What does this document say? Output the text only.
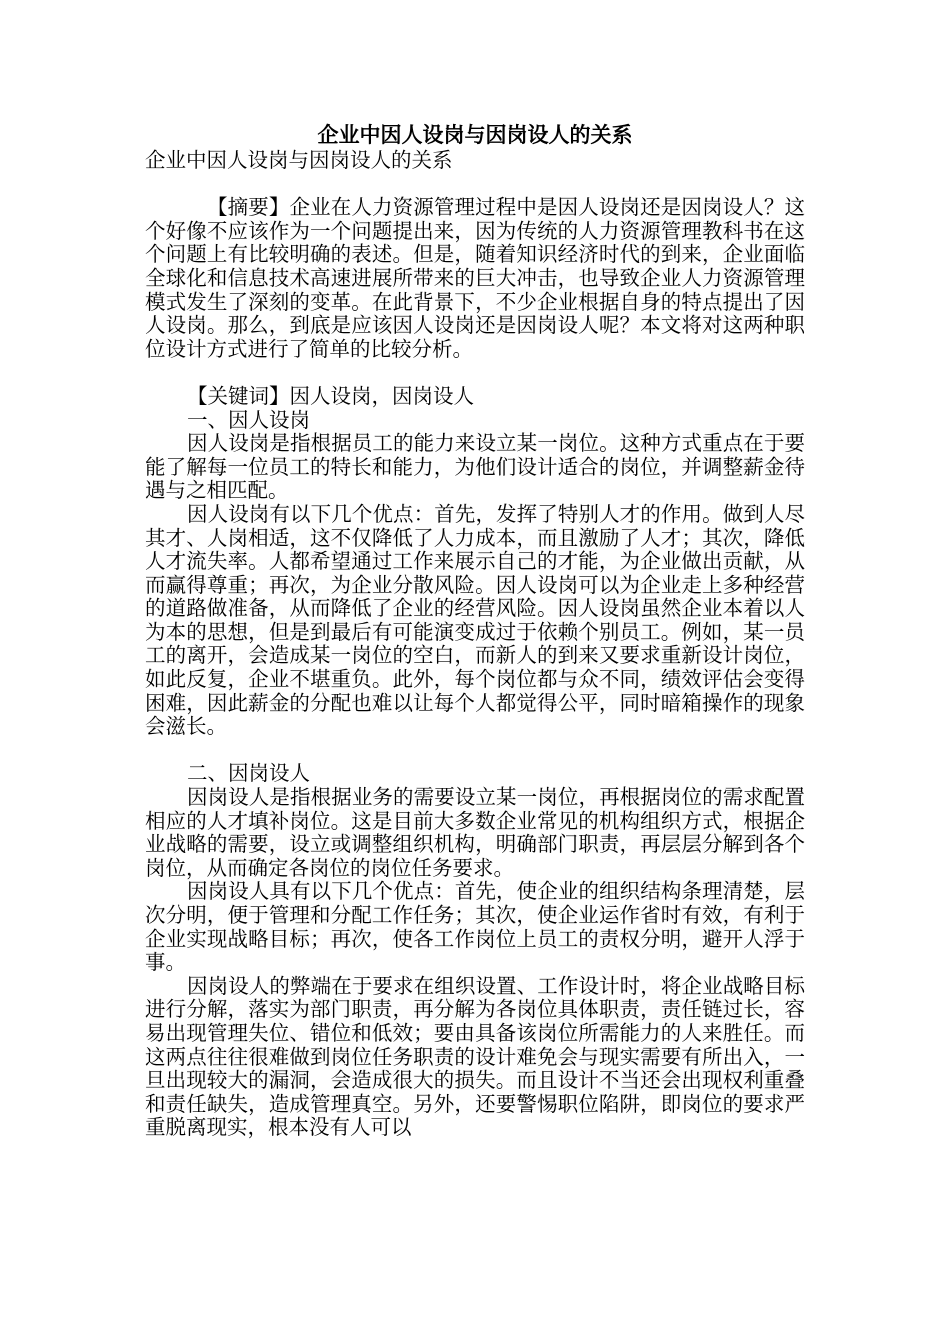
企业中因人设岗与因岗设人的关系

企业中因人设岗与因岗设人的关系

【摘要】企业在人力资源管理过程中是因人设岗还是因岗设人？这个好像不应该作为一个问题提出来，因为传统的人力资源管理教科书在这个问题上有比较明确的表述。但是，随着知识经济时代的到来，企业面临全球化和信息技术高速进展所带来的巨大冲击，也导致企业人力资源管理模式发生了深刻的变革。在此背景下，不少企业根据自身的特点提出了因人设岗。那么，到底是应该因人设岗还是因岗设人呢？本文将对这两种职位设计方式进行了简单的比较分析。

【关键词】因人设岗，因岗设人

一、因人设岗

因人设岗是指根据员工的能力来设立某一岗位。这种方式重点在于要能了解每一位员工的特长和能力，为他们设计适合的岗位，并调整薪金待遇与之相匹配。

因人设岗有以下几个优点：首先，发挥了特别人才的作用。做到人尽其才、人岗相适，这不仅降低了人力成本，而且激励了人才；其次，降低人才流失率。人都希望通过工作来展示自己的才能，为企业做出贡献，从而赢得尊重；再次，为企业分散风险。因人设岗可以为企业走上多种经营的道路做准备，从而降低了企业的经营风险。因人设岗虽然企业本着以人为本的思想，但是到最后有可能演变成过于依赖个别员工。例如，某一员工的离开，会造成某一岗位的空白，而新人的到来又要求重新设计岗位，如此反复，企业不堪重负。此外，每个岗位都与众不同，绩效评估会变得困难，因此薪金的分配也难以让每个人都觉得公平，同时暗箱操作的现象会滋长。

二、因岗设人

因岗设人是指根据业务的需要设立某一岗位，再根据岗位的需求配置相应的人才填补岗位。这是目前大多数企业常见的机构组织方式，根据企业战略的需要，设立或调整组织机构，明确部门职责，再层层分解到各个岗位，从而确定各岗位的岗位任务要求。

因岗设人具有以下几个优点：首先，使企业的组织结构条理清楚，层次分明，便于管理和分配工作任务；其次，使企业运作省时有效，有利于企业实现战略目标；再次，使各工作岗位上员工的责权分明，避开人浮于事。

因岗设人的弊端在于要求在组织设置、工作设计时，将企业战略目标进行分解，落实为部门职责，再分解为各岗位具体职责，责任链过长，容易出现管理失位、错位和低效；要由具备该岗位所需能力的人来胜任。而这两点往往很难做到岗位任务职责的设计难免会与现实需要有所出入，一旦出现较大的漏洞，会造成很大的损失。而且设计不当还会出现权利重叠和责任缺失，造成管理真空。另外，还要警惕职位陷阱，即岗位的要求严重脱离现实，根本没有人可以
